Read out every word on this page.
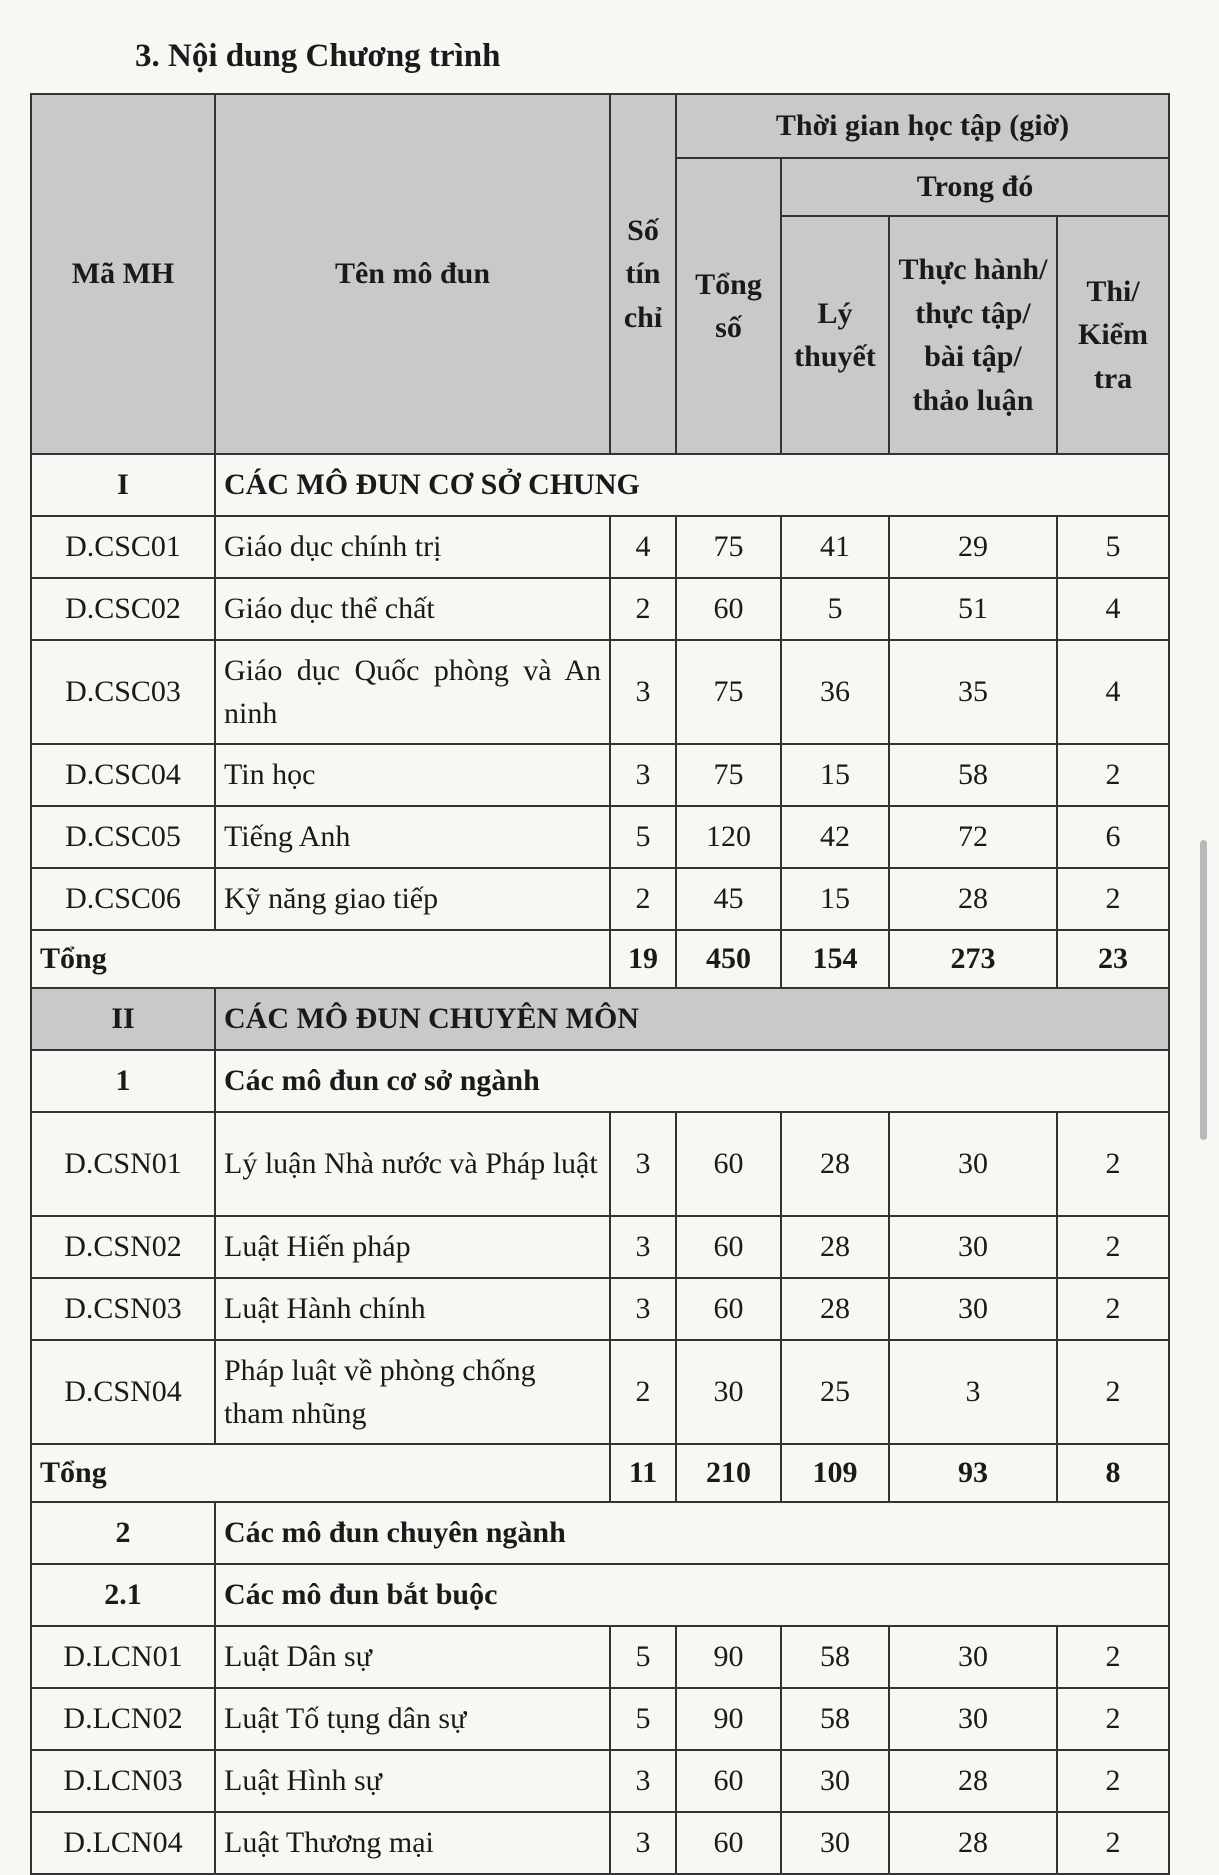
3. Nội dung Chương trình
Mã MH	Tên mô đun	Số tín chỉ	Thời gian học tập (giờ)			
			Tổng số	Trong đó		
				Lý thuyết	Thực hành/ thực tập/ bài tập/ thảo luận	Thi/ Kiểm tra
I	CÁC MÔ ĐUN CƠ SỞ CHUNG					
D.CSC01	Giáo dục chính trị	4	75	41	29	5
D.CSC02	Giáo dục thể chất	2	60	5	51	4
D.CSC03	Giáo dục Quốc phòng và An ninh	3	75	36	35	4
D.CSC04	Tin học	3	75	15	58	2
D.CSC05	Tiếng Anh	5	120	42	72	6
D.CSC06	Kỹ năng giao tiếp	2	45	15	28	2
Tổng		19	450	154	273	23
II	CÁC MÔ ĐUN CHUYÊN MÔN					
1	Các mô đun cơ sở ngành					
D.CSN01	Lý luận Nhà nước và Pháp luật	3	60	28	30	2
D.CSN02	Luật Hiến pháp	3	60	28	30	2
D.CSN03	Luật Hành chính	3	60	28	30	2
D.CSN04	Pháp luật về phòng chống tham nhũng	2	30	25	3	2
Tổng		11	210	109	93	8
2	Các mô đun chuyên ngành					
2.1	Các mô đun bắt buộc					
D.LCN01	Luật Dân sự	5	90	58	30	2
D.LCN02	Luật Tố tụng dân sự	5	90	58	30	2
D.LCN03	Luật Hình sự	3	60	30	28	2
D.LCN04	Luật Thương mại	3	60	30	28	2
